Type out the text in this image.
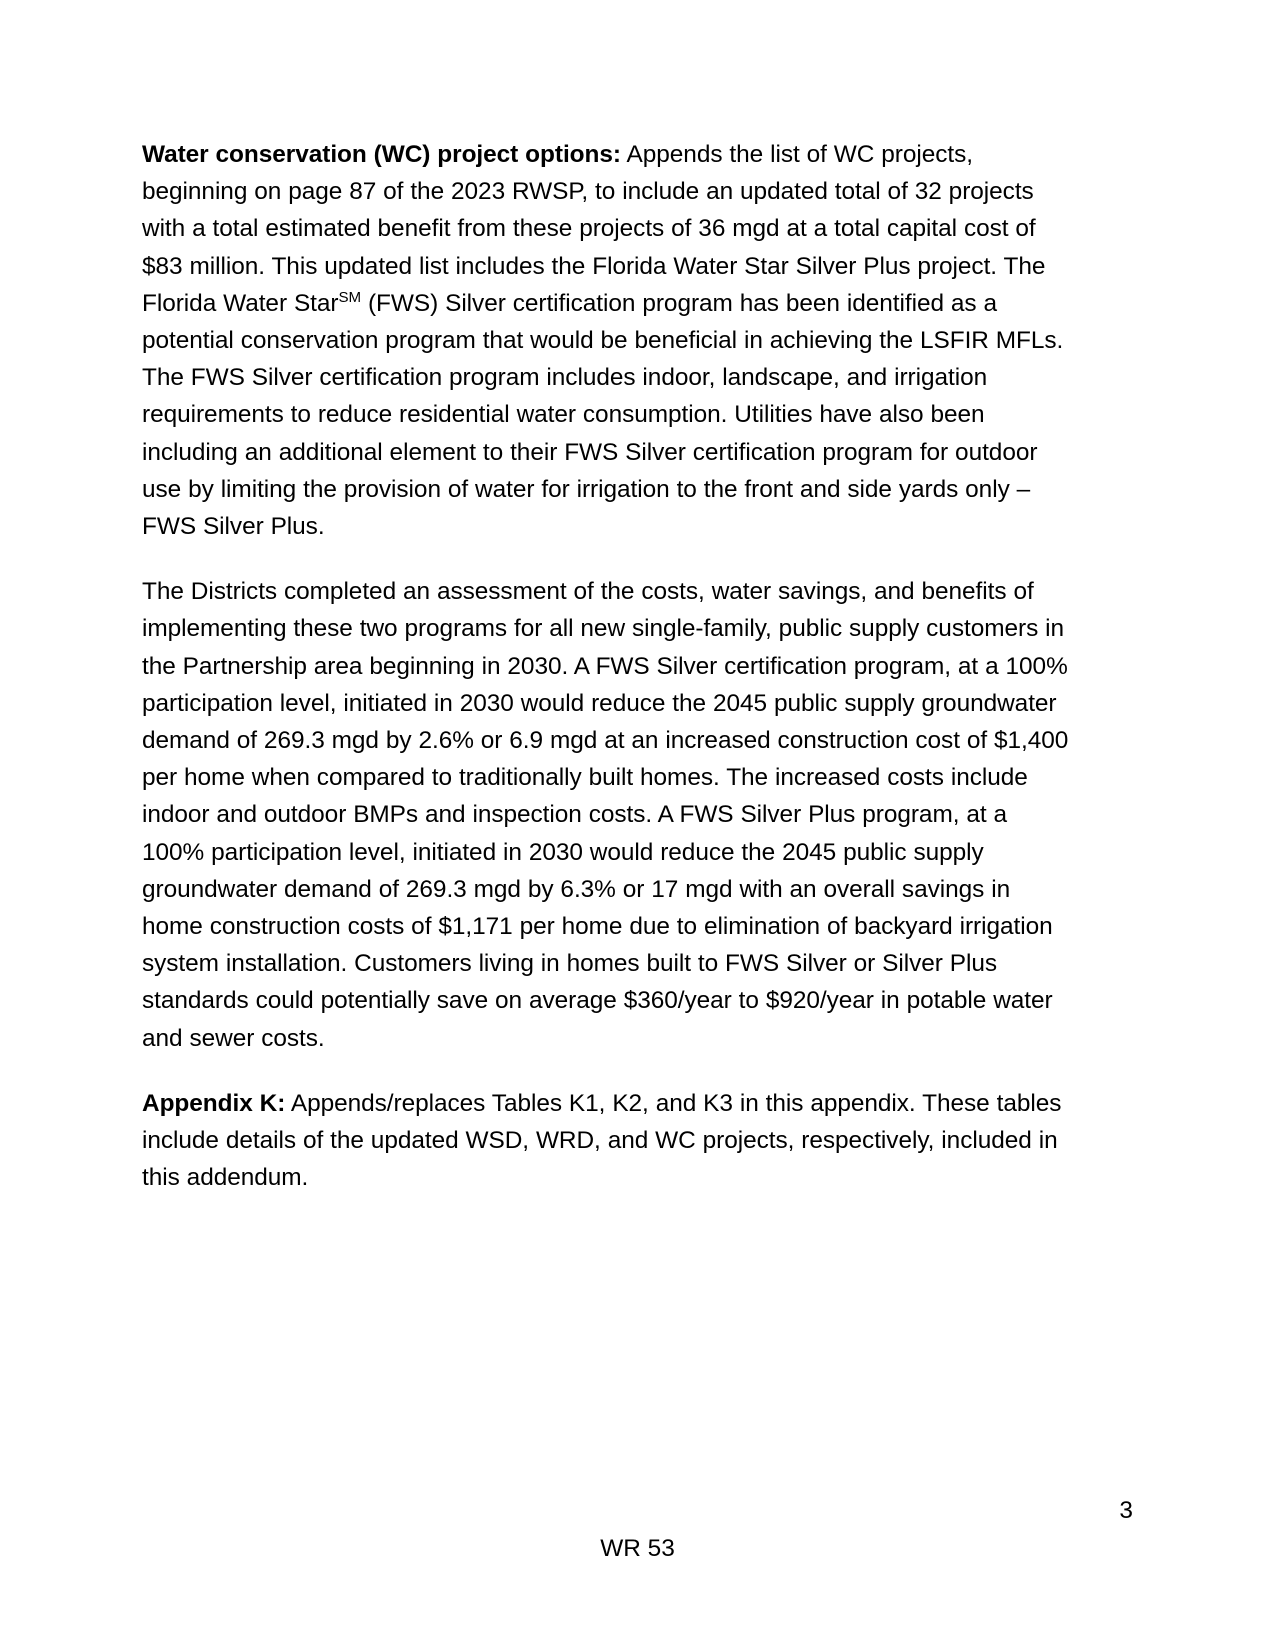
Water conservation (WC) project options: Appends the list of WC projects, beginning on page 87 of the 2023 RWSP, to include an updated total of 32 projects with a total estimated benefit from these projects of 36 mgd at a total capital cost of $83 million. This updated list includes the Florida Water Star Silver Plus project. The Florida Water Star℠ (FWS) Silver certification program has been identified as a potential conservation program that would be beneficial in achieving the LSFIR MFLs. The FWS Silver certification program includes indoor, landscape, and irrigation requirements to reduce residential water consumption. Utilities have also been including an additional element to their FWS Silver certification program for outdoor use by limiting the provision of water for irrigation to the front and side yards only – FWS Silver Plus.

The Districts completed an assessment of the costs, water savings, and benefits of implementing these two programs for all new single-family, public supply customers in the Partnership area beginning in 2030. A FWS Silver certification program, at a 100% participation level, initiated in 2030 would reduce the 2045 public supply groundwater demand of 269.3 mgd by 2.6% or 6.9 mgd at an increased construction cost of $1,400 per home when compared to traditionally built homes. The increased costs include indoor and outdoor BMPs and inspection costs. A FWS Silver Plus program, at a 100% participation level, initiated in 2030 would reduce the 2045 public supply groundwater demand of 269.3 mgd by 6.3% or 17 mgd with an overall savings in home construction costs of $1,171 per home due to elimination of backyard irrigation system installation. Customers living in homes built to FWS Silver or Silver Plus standards could potentially save on average $360/year to $920/year in potable water and sewer costs.

Appendix K: Appends/replaces Tables K1, K2, and K3 in this appendix. These tables include details of the updated WSD, WRD, and WC projects, respectively, included in this addendum.

3
WR 53
